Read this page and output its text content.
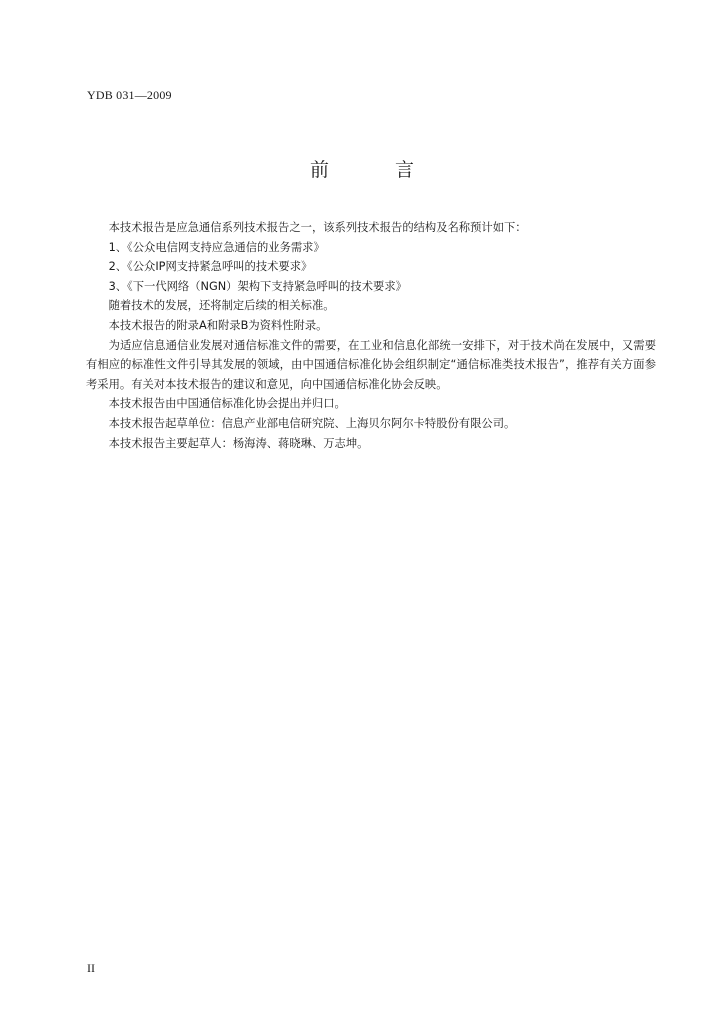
YDB 031—2009
前 言

本技术报告是应急通信系列技术报告之一，该系列技术报告的结构及名称预计如下：

1、《公众电信网支持应急通信的业务需求》

2、《公众IP网支持紧急呼叫的技术要求》

3、《下一代网络（NGN）架构下支持紧急呼叫的技术要求》

随着技术的发展，还将制定后续的相关标准。

本技术报告的附录A和附录B为资料性附录。

为适应信息通信业发展对通信标准文件的需要，在工业和信息化部统一安排下，对于技术尚在发展中，又需要有相应的标准性文件引导其发展的领域，由中国通信标准化协会组织制定“通信标准类技术报告”，推荐有关方面参考采用。有关对本技术报告的建议和意见，向中国通信标准化协会反映。

本技术报告由中国通信标准化协会提出并归口。

本技术报告起草单位：信息产业部电信研究院、上海贝尔阿尔卡特股份有限公司。

本技术报告主要起草人：杨海涛、蒋晓琳、万志坤。

II
